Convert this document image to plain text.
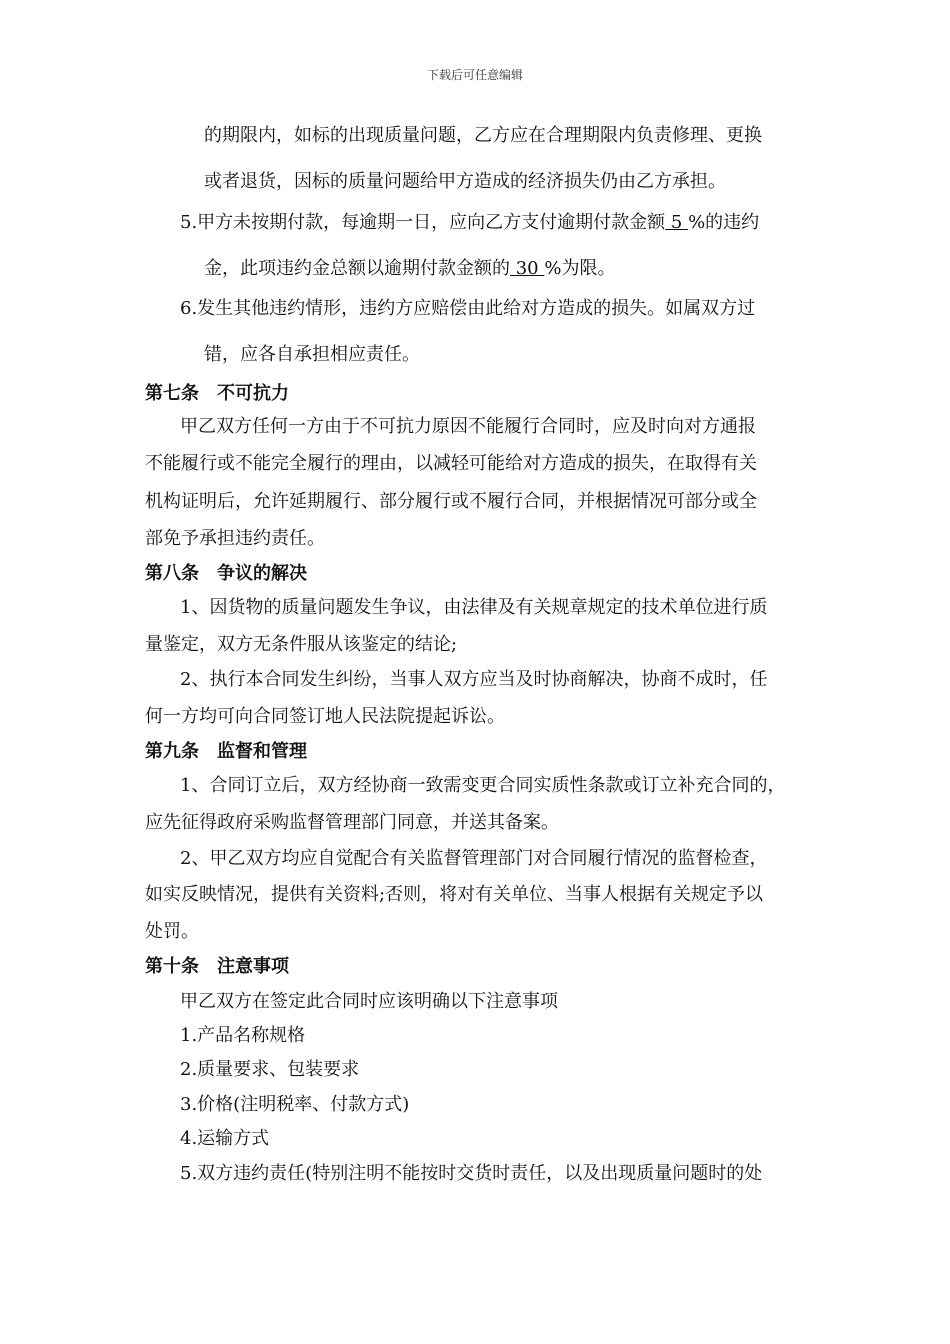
下载后可任意编辑
的期限内，如标的出现质量问题，乙方应在合理期限内负责修理、更换
或者退货，因标的质量问题给甲方造成的经济损失仍由乙方承担。
5.甲方未按期付款，每逾期一日，应向乙方支付逾期付款金额 5 %的违约
金，此项违约金总额以逾期付款金额的 30 %为限。
6.发生其他违约情形，违约方应赔偿由此给对方造成的损失。如属双方过
错，应各自承担相应责任。
第七条　不可抗力
甲乙双方任何一方由于不可抗力原因不能履行合同时，应及时向对方通报
不能履行或不能完全履行的理由，以减轻可能给对方造成的损失，在取得有关
机构证明后，允许延期履行、部分履行或不履行合同，并根据情况可部分或全
部免予承担违约责任。
第八条　争议的解决
1、因货物的质量问题发生争议，由法律及有关规章规定的技术单位进行质
量鉴定，双方无条件服从该鉴定的结论;
2、执行本合同发生纠纷，当事人双方应当及时协商解决，协商不成时，任
何一方均可向合同签订地人民法院提起诉讼。
第九条　监督和管理
1、合同订立后，双方经协商一致需变更合同实质性条款或订立补充合同的，
应先征得政府采购监督管理部门同意，并送其备案。
2、甲乙双方均应自觉配合有关监督管理部门对合同履行情况的监督检查，
如实反映情况，提供有关资料;否则，将对有关单位、当事人根据有关规定予以
处罚。
第十条　注意事项
甲乙双方在签定此合同时应该明确以下注意事项
1.产品名称规格
2.质量要求、包装要求
3.价格(注明税率、付款方式)
4.运输方式
5.双方违约责任(特别注明不能按时交货时责任，以及出现质量问题时的处
